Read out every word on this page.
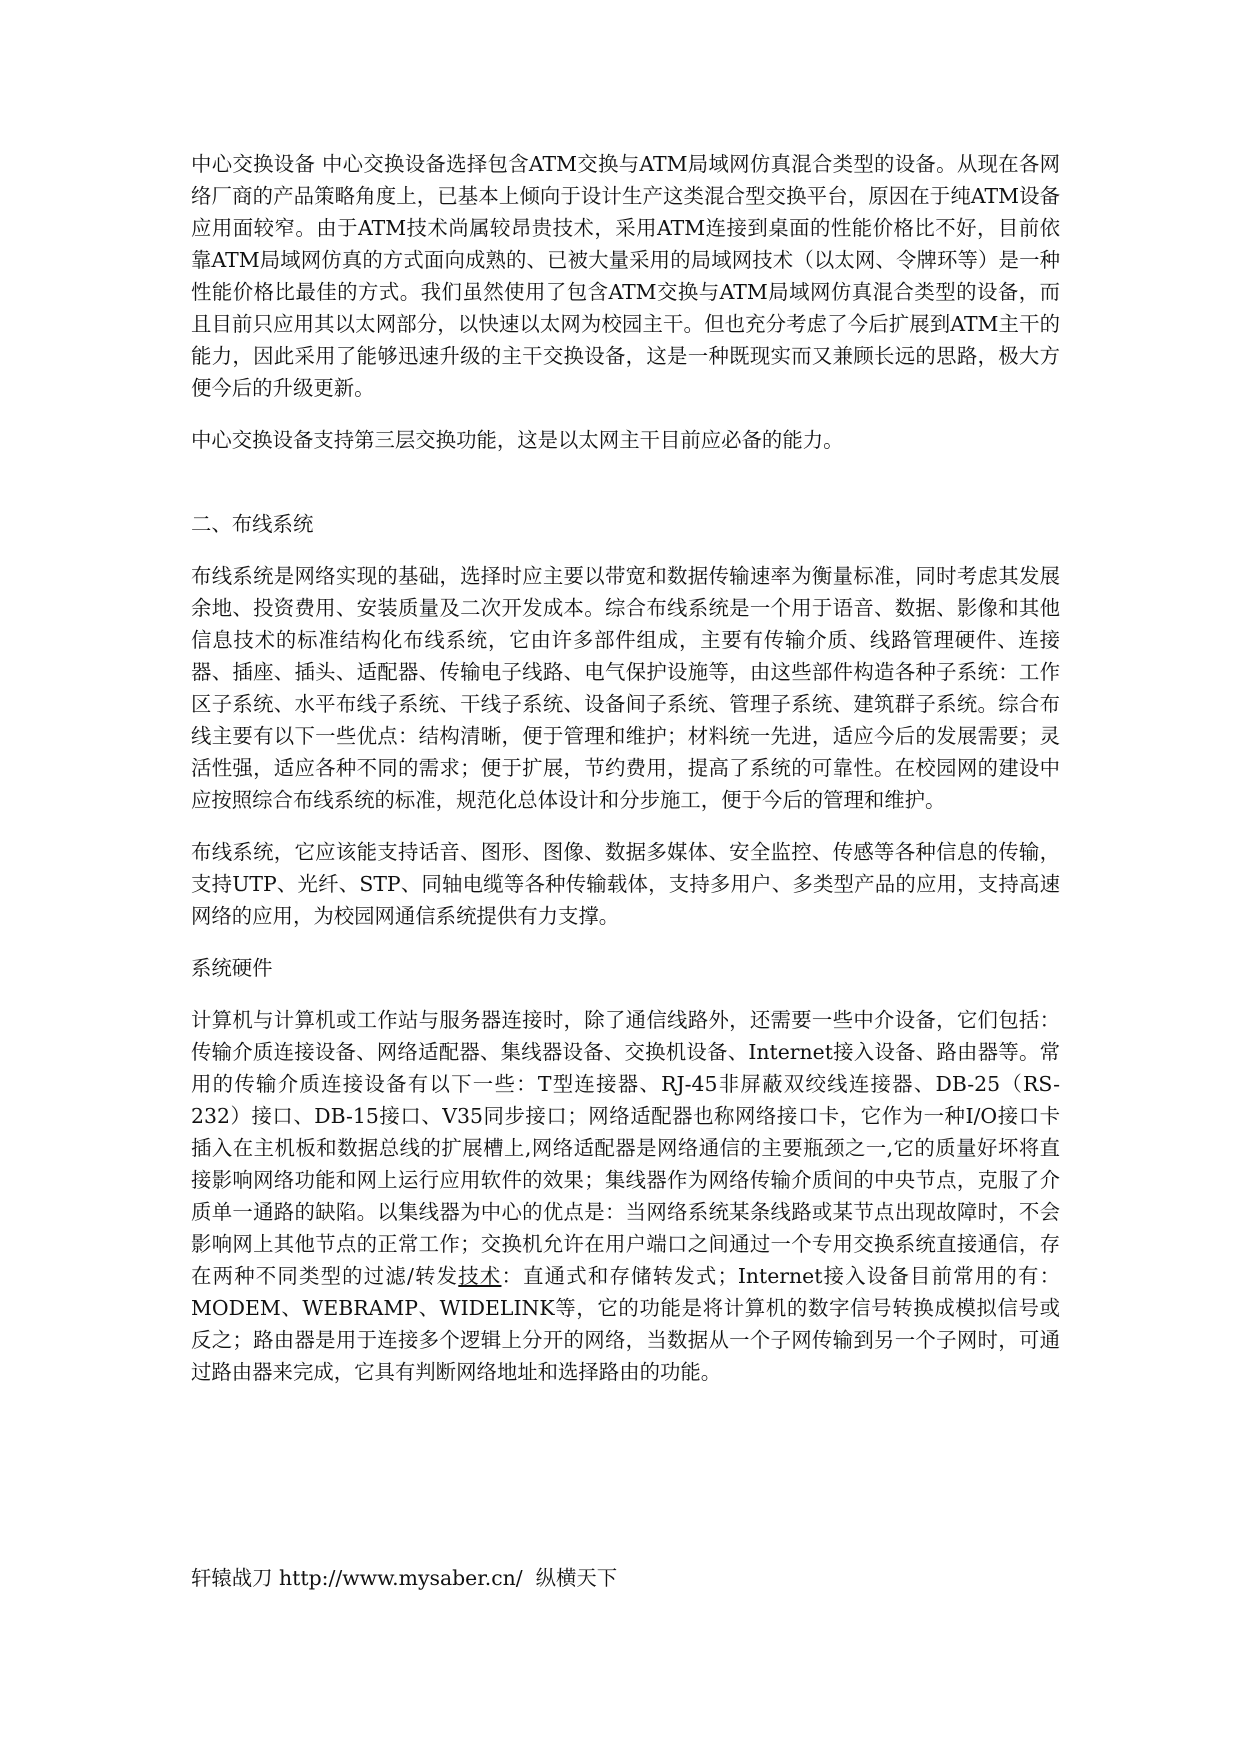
中心交换设备 中心交换设备选择包含ATM交换与ATM局域网仿真混合类型的设备。从现在各网络厂商的产品策略角度上，已基本上倾向于设计生产这类混合型交换平台，原因在于纯ATM设备应用面较窄。由于ATM技术尚属较昂贵技术，采用ATM连接到桌面的性能价格比不好，目前依靠ATM局域网仿真的方式面向成熟的、已被大量采用的局域网技术（以太网、令牌环等）是一种性能价格比最佳的方式。我们虽然使用了包含ATM交换与ATM局域网仿真混合类型的设备，而且目前只应用其以太网部分，以快速以太网为校园主干。但也充分考虑了今后扩展到ATM主干的能力，因此采用了能够迅速升级的主干交换设备，这是一种既现实而又兼顾长远的思路，极大方便今后的升级更新。

中心交换设备支持第三层交换功能，这是以太网主干目前应必备的能力。

二、布线系统

布线系统是网络实现的基础，选择时应主要以带宽和数据传输速率为衡量标准，同时考虑其发展余地、投资费用、安装质量及二次开发成本。综合布线系统是一个用于语音、数据、影像和其他信息技术的标准结构化布线系统，它由许多部件组成，主要有传输介质、线路管理硬件、连接器、插座、插头、适配器、传输电子线路、电气保护设施等，由这些部件构造各种子系统：工作区子系统、水平布线子系统、干线子系统、设备间子系统、管理子系统、建筑群子系统。综合布线主要有以下一些优点：结构清晰，便于管理和维护；材料统一先进，适应今后的发展需要；灵活性强，适应各种不同的需求；便于扩展，节约费用，提高了系统的可靠性。在校园网的建设中应按照综合布线系统的标准，规范化总体设计和分步施工，便于今后的管理和维护。

布线系统，它应该能支持话音、图形、图像、数据多媒体、安全监控、传感等各种信息的传输，支持UTP、光纤、STP、同轴电缆等各种传输载体，支持多用户、多类型产品的应用，支持高速网络的应用，为校园网通信系统提供有力支撑。

系统硬件

计算机与计算机或工作站与服务器连接时，除了通信线路外，还需要一些中介设备，它们包括：传输介质连接设备、网络适配器、集线器设备、交换机设备、Internet接入设备、路由器等。常用的传输介质连接设备有以下一些：T型连接器、RJ-45非屏蔽双绞线连接器、DB-25（RS-232）接口、DB-15接口、V35同步接口；网络适配器也称网络接口卡，它作为一种I/O接口卡插入在主机板和数据总线的扩展槽上,网络适配器是网络通信的主要瓶颈之一,它的质量好坏将直接影响网络功能和网上运行应用软件的效果；集线器作为网络传输介质间的中央节点，克服了介质单一通路的缺陷。以集线器为中心的优点是：当网络系统某条线路或某节点出现故障时，不会影响网上其他节点的正常工作；交换机允许在用户端口之间通过一个专用交换系统直接通信，存在两种不同类型的过滤/转发技术：直通式和存储转发式；Internet接入设备目前常用的有：MODEM、WEBRAMP、WIDELINK等，它的功能是将计算机的数字信号转换成模拟信号或反之；路由器是用于连接多个逻辑上分开的网络，当数据从一个子网传输到另一个子网时，可通过路由器来完成，它具有判断网络地址和选择路由的功能。

轩辕战刀 http://www.mysaber.cn/  纵横天下
